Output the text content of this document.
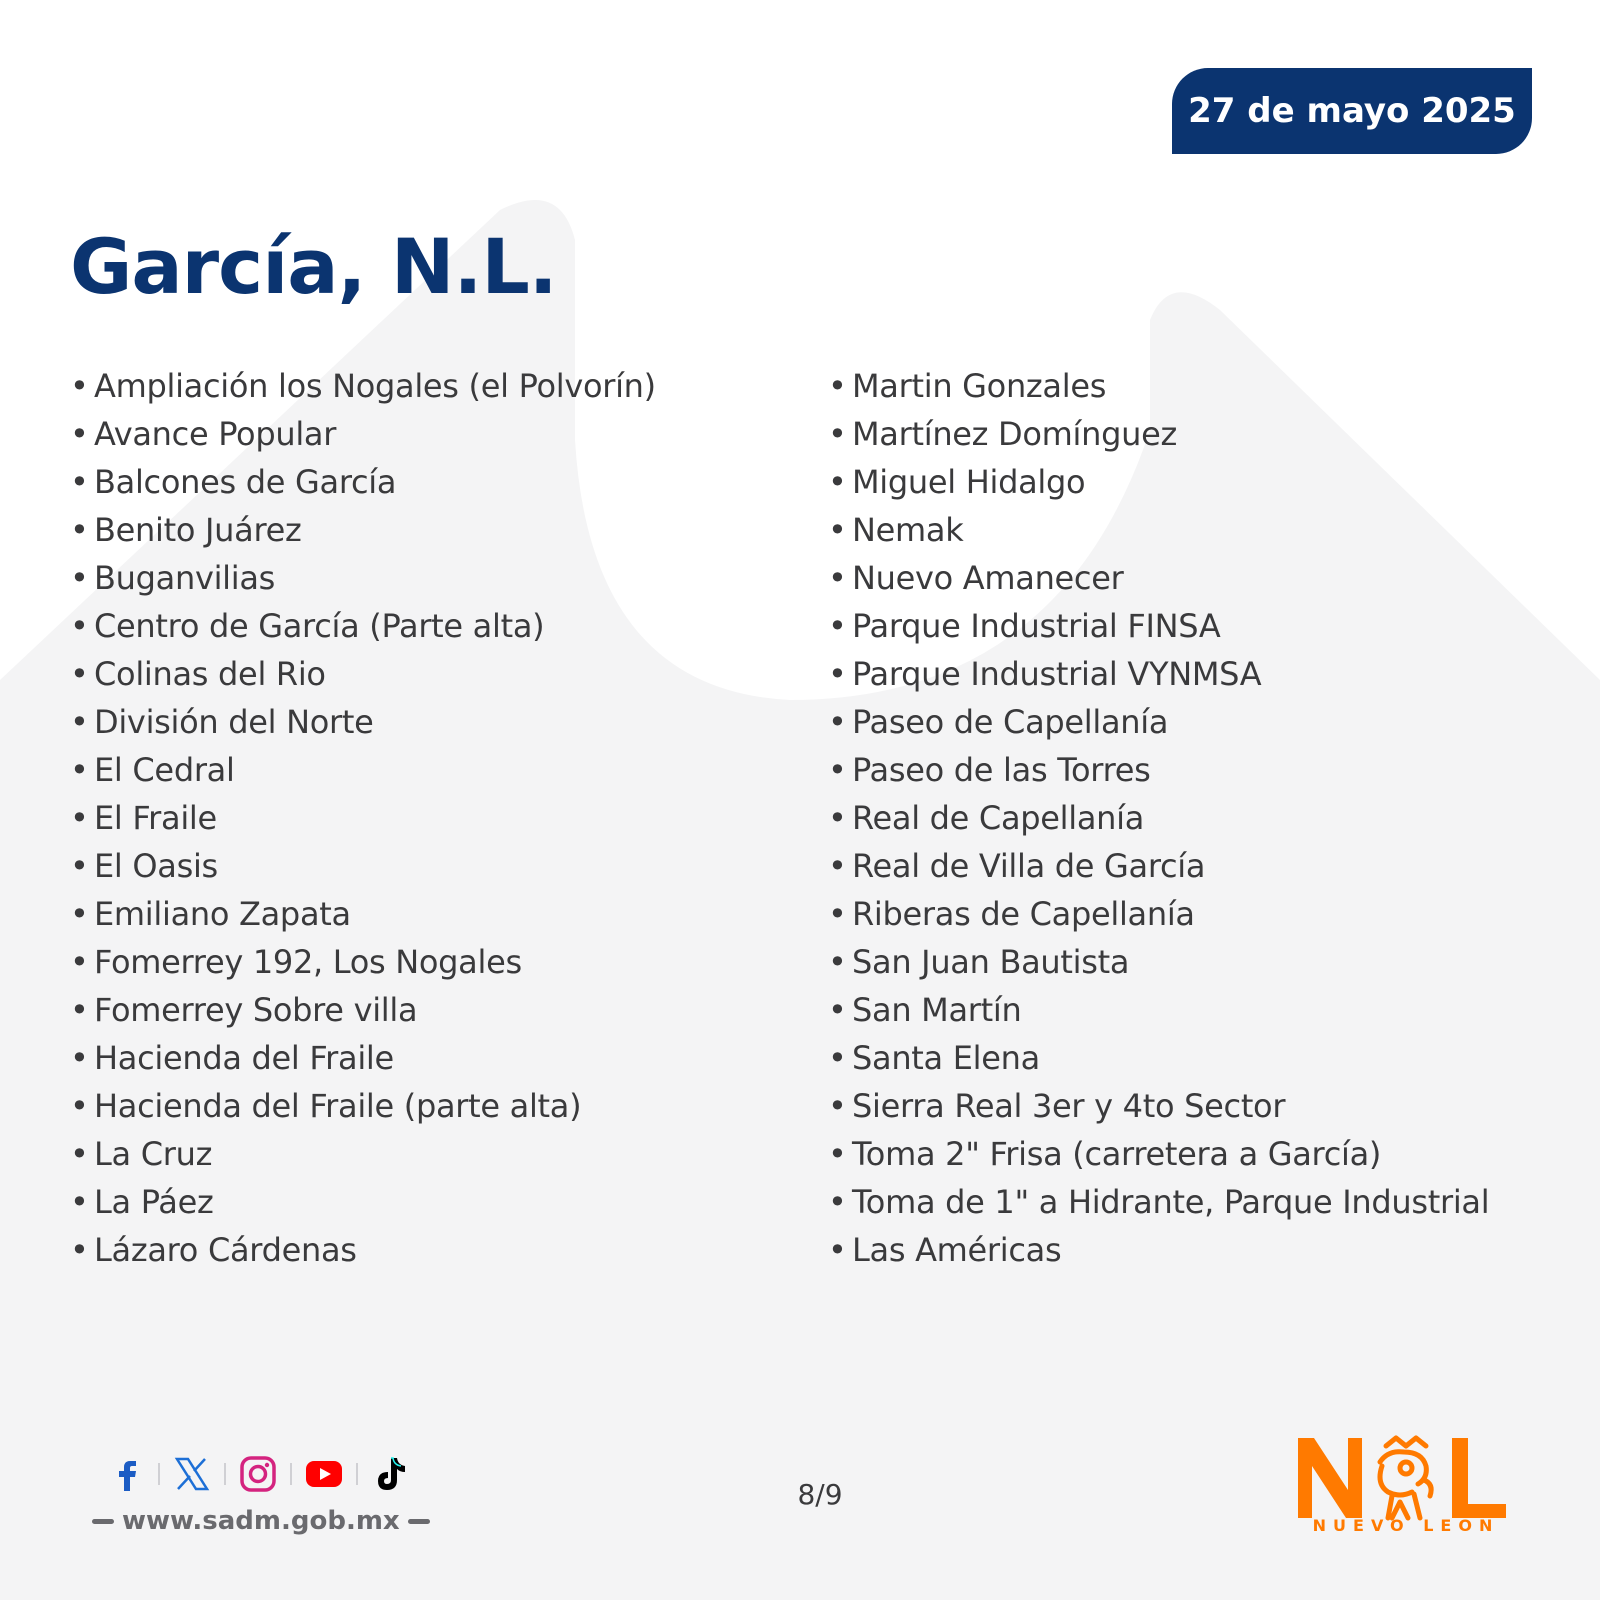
27 de mayo 2025
García, N.L.
• Ampliación los Nogales (el Polvorín)
• Avance Popular
• Balcones de García
• Benito Juárez
• Buganvilias
• Centro de García (Parte alta)
• Colinas del Rio
• División del Norte
• El Cedral
• El Fraile
• El Oasis
• Emiliano Zapata
• Fomerrey 192, Los Nogales
• Fomerrey Sobre villa
• Hacienda del Fraile
• Hacienda del Fraile (parte alta)
• La Cruz
• La Páez
• Lázaro Cárdenas
• Martin Gonzales
• Martínez Domínguez
• Miguel Hidalgo
• Nemak
• Nuevo Amanecer
• Parque Industrial FINSA
• Parque Industrial VYNMSA
• Paseo de Capellanía
• Paseo de las Torres
• Real de Capellanía
• Real de Villa de García
• Riberas de Capellanía
• San Juan Bautista
• San Martín
• Santa Elena
• Sierra Real 3er y 4to Sector
• Toma 2" Frisa (carretera a García)
• Toma de 1" a Hidrante, Parque Industrial
• Las Américas
www.sadm.gob.mx
8/9
NUEVO LEÓN
